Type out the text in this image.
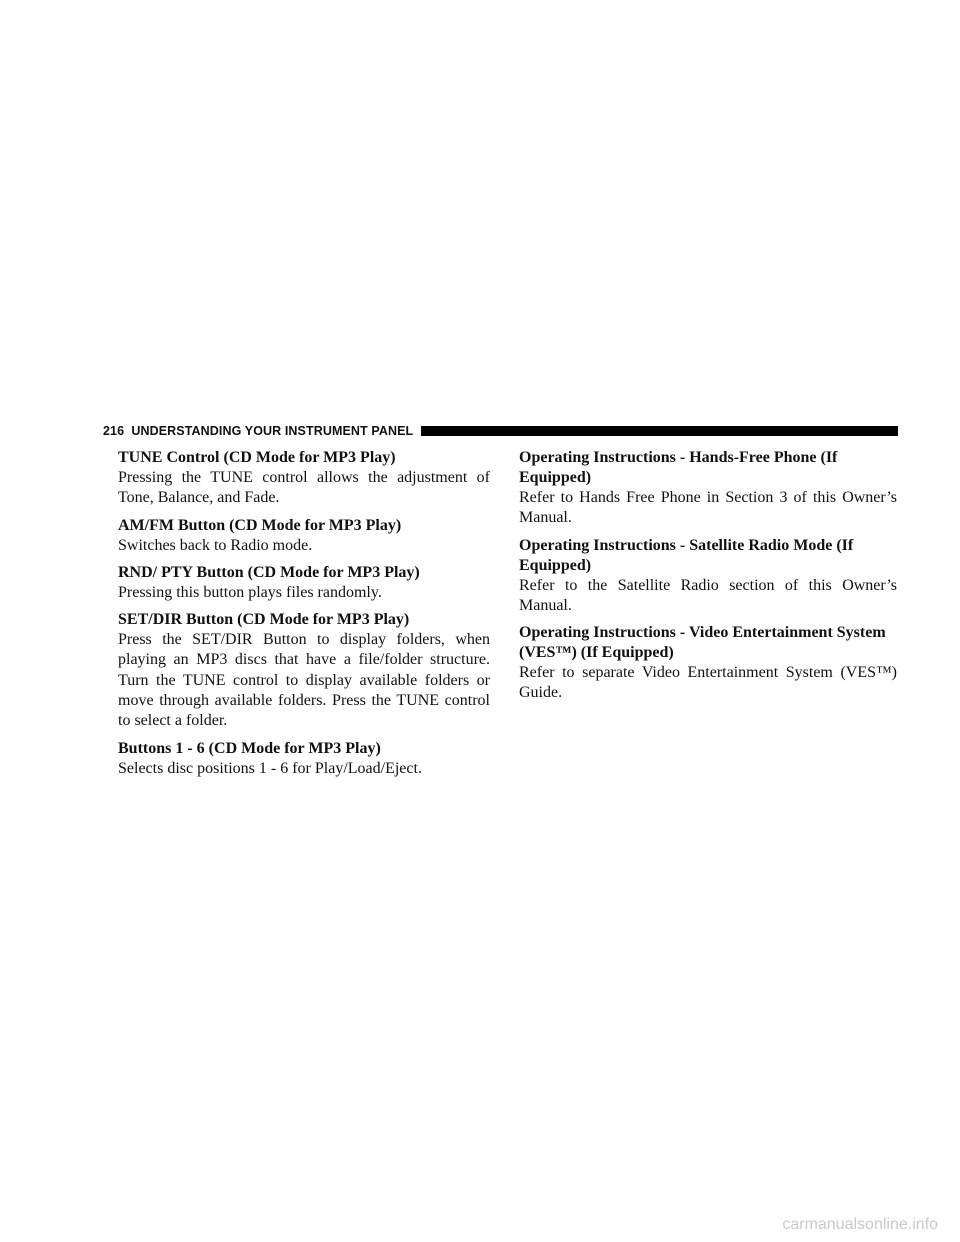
216
UNDERSTANDING YOUR INSTRUMENT PANEL

TUNE Control (CD Mode for MP3 Play)

Pressing the TUNE control allows the adjustment of Tone, Balance, and Fade.

AM/FM Button (CD Mode for MP3 Play)

Switches back to Radio mode.

RND/ PTY Button (CD Mode for MP3 Play)

Pressing this button plays files randomly.

SET/DIR Button (CD Mode for MP3 Play)

Press the SET/DIR Button to display folders, when playing an MP3 discs that have a file/folder structure. Turn the TUNE control to display available folders or move through available folders. Press the TUNE control to select a folder.

Buttons 1 - 6 (CD Mode for MP3 Play)

Selects disc positions 1 - 6 for Play/Load/Eject.

Operating Instructions - Hands-Free Phone (If Equipped)

Refer to Hands Free Phone in Section 3 of this Owner’s Manual.

Operating Instructions - Satellite Radio Mode (If Equipped)

Refer to the Satellite Radio section of this Owner’s Manual.

Operating Instructions - Video Entertainment System (VES™) (If Equipped)

Refer to separate Video Entertainment System (VES™) Guide.

carmanualsonline.info
